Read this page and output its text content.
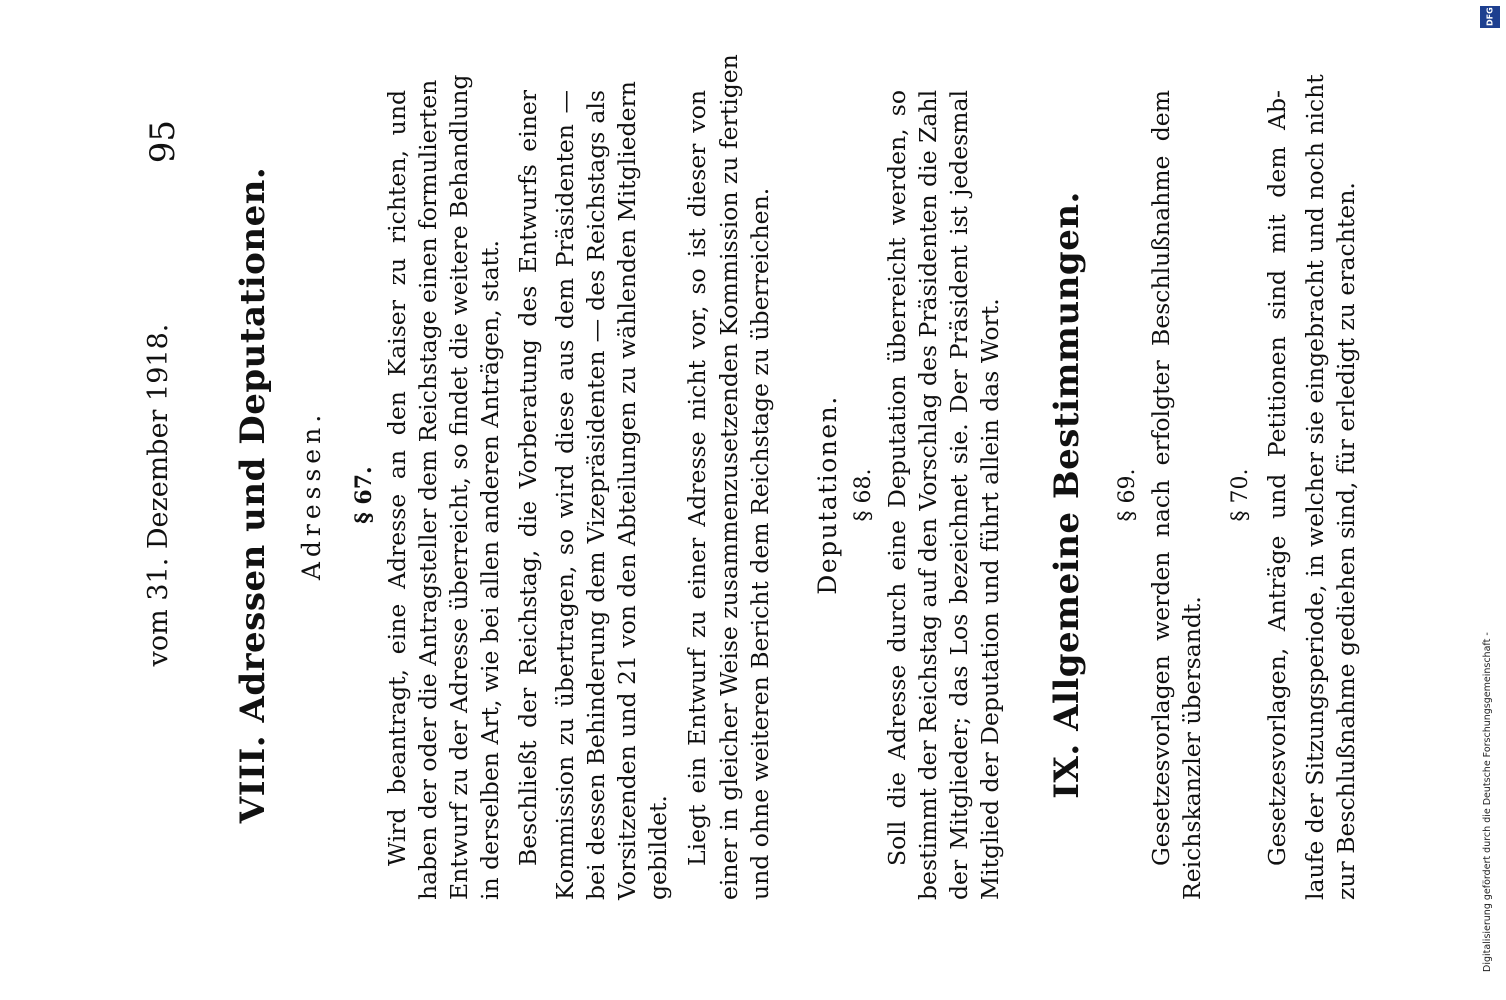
vom 31. Dezember 1918.
95
VIII. Adressen und Deputationen. Adressen. § 67. Wird beantragt, eine Adresse an den Kaiser zu richten, und haben der oder die Antragsteller dem Reichstage einen formulierten Entwurf zu der Adresse überreicht, so findet die weitere Behandlung in derselben Art, wie bei allen anderen Anträgen, statt. Beschließt der Reichstag, die Vorberatung des Entwurfs einer Kommission zu übertragen, so wird diese aus dem Präsidenten — bei dessen Behinderung dem Vizepräsidenten — des Reichstags als Vorsitzenden und 21 von den Abteilungen zu wählenden Mitgliedern gebildet. Liegt ein Entwurf zu einer Adresse nicht vor, so ist dieser von einer in gleicher Weise zusammenzusetzenden Kommission zu fertigen und ohne weiteren Bericht dem Reichstage zu überreichen. Deputationen. § 68. Soll die Adresse durch eine Deputation überreicht werden, so bestimmt der Reichstag auf den Vorschlag des Präsidenten die Zahl der Mitglieder; das Los bezeichnet sie. Der Präsident ist jedesmal Mitglied der Deputation und führt allein das Wort. IX. Allgemeine Bestimmungen. § 69. Gesetzesvorlagen werden nach erfolgter Beschlußnahme dem Reichskanzler übersandt.
§ 70. Gesetzesvorlagen, Anträge und Petitionen sind mit dem Ab- laufe der Sitzungsperiode, in welcher sie eingebracht und noch nicht zur Beschlußnahme gediehen sind, für erledigt zu erachten.
DFG
Digitalisierung gefördert durch die Deutsche Forschungsgemeinschaft -
